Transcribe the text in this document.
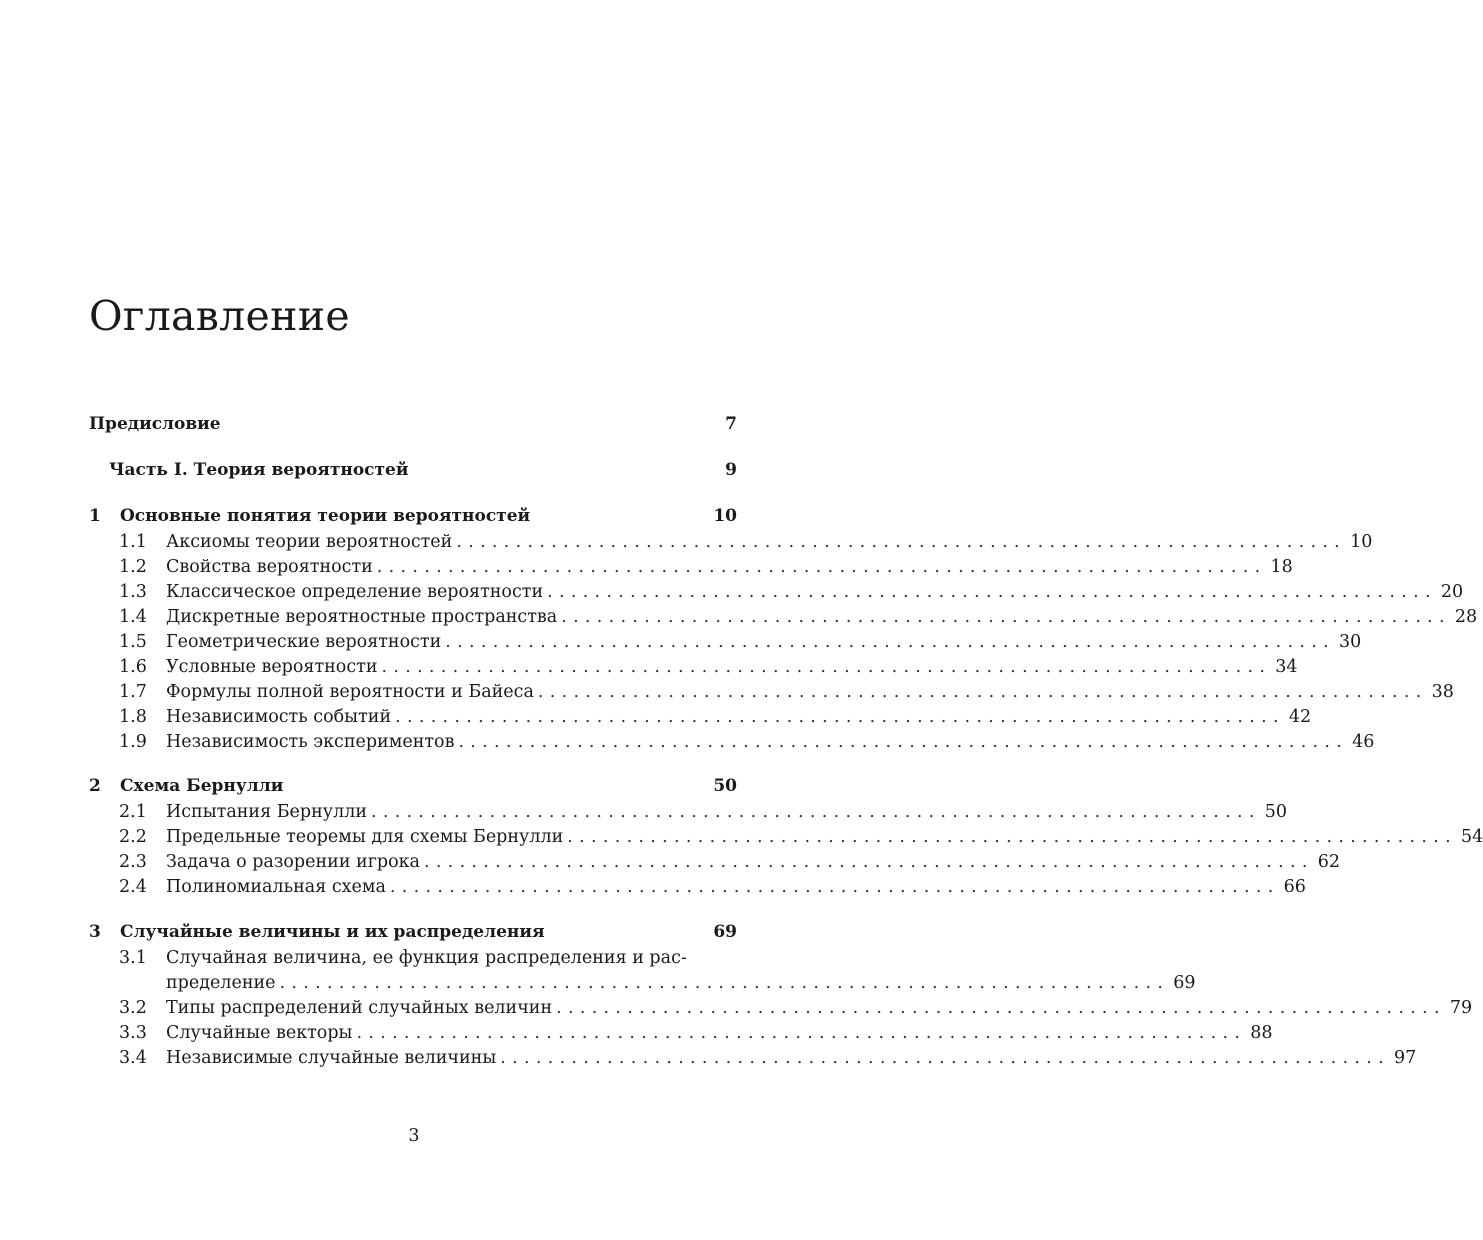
Оглавление
Предисловие	7
Часть I. Теория вероятностей	9
1	Основные понятия теории вероятностей	10
1.1	Аксиомы теории вероятностей ........................................................................... 10
1.2	Свойства вероятности ........................................................................... 18
1.3	Классическое определение вероятности ........................................................................... 20
1.4	Дискретные вероятностные пространства ........................................................................... 28
1.5	Геометрические вероятности ........................................................................... 30
1.6	Условные вероятности ........................................................................... 34
1.7	Формулы полной вероятности и Байеса ........................................................................... 38
1.8	Независимость событий ........................................................................... 42
1.9	Независимость экспериментов ........................................................................... 46
2	Схема Бернулли	50
2.1	Испытания Бернулли ........................................................................... 50
2.2	Предельные теоремы для схемы Бернулли ........................................................................... 54
2.3	Задача о разорении игрока ........................................................................... 62
2.4	Полиномиальная схема ........................................................................... 66
3	Случайные величины и их распределения	69
3.1	Случайная величина, ее функция распределения и рас-
пределение ........................................................................... 69
3.2	Типы распределений случайных величин ........................................................................... 79
3.3	Случайные векторы ........................................................................... 88
3.4	Независимые случайные величины ........................................................................... 97
3
